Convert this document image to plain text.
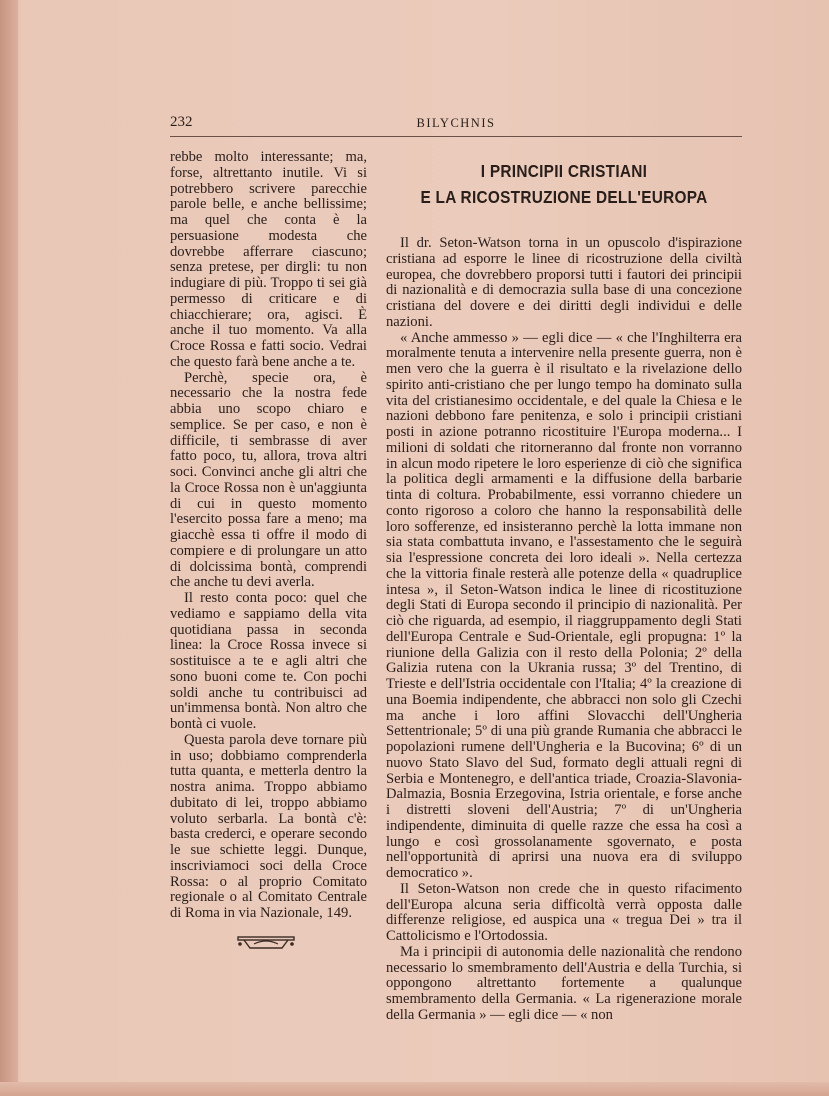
232	BILYCHNIS

rebbe molto interessante; ma, forse, altrettanto inutile. Vi si potrebbero scrivere parecchie parole belle, e anche bellissime; ma quel che conta è la persuasione modesta che dovrebbe afferrare ciascuno; senza pretese, per dirgli: tu non indugiare di più. Troppo ti sei già permesso di criticare e di chiacchierare; ora, agisci. È anche il tuo momento. Va alla Croce Rossa e fatti socio. Vedrai che questo farà bene anche a te.

Perchè, specie ora, è necessario che la nostra fede abbia uno scopo chiaro e semplice. Se per caso, e non è difficile, ti sembrasse di aver fatto poco, tu, allora, trova altri soci. Convinci anche gli altri che la Croce Rossa non è un'aggiunta di cui in questo momento l'esercito possa fare a meno; ma giacchè essa ti offre il modo di compiere e di prolungare un atto di dolcissima bontà, comprendi che anche tu devi averla.

Il resto conta poco: quel che vediamo e sappiamo della vita quotidiana passa in seconda linea: la Croce Rossa invece si sostituisce a te e agli altri che sono buoni come te. Con pochi soldi anche tu contribuisci ad un'immensa bontà. Non altro che bontà ci vuole.

Questa parola deve tornare più in uso; dobbiamo comprenderla tutta quanta, e metterla dentro la nostra anima. Troppo abbiamo dubitato di lei, troppo abbiamo voluto serbarla. La bontà c'è: basta crederci, e operare secondo le sue schiette leggi. Dunque, inscriviamoci soci della Croce Rossa: o al proprio Comitato regionale o al Comitato Centrale di Roma in via Nazionale, 149.

I PRINCIPII CRISTIANI
E LA RICOSTRUZIONE DELL'EUROPA

Il dr. Seton-Watson torna in un opuscolo d'ispirazione cristiana ad esporre le linee di ricostruzione della civiltà europea, che dovrebbero proporsi tutti i fautori dei principii di nazionalità e di democrazia sulla base di una concezione cristiana del dovere e dei diritti degli individui e delle nazioni.

« Anche ammesso » — egli dice — « che l'Inghilterra era moralmente tenuta a intervenire nella presente guerra, non è men vero che la guerra è il risultato e la rivelazione dello spirito anti-cristiano che per lungo tempo ha dominato sulla vita del cristianesimo occidentale, e del quale la Chiesa e le nazioni debbono fare penitenza, e solo i principii cristiani posti in azione potranno ricostituire l'Europa moderna... I milioni di soldati che ritorneranno dal fronte non vorranno in alcun modo ripetere le loro esperienze di ciò che significa la politica degli armamenti e la diffusione della barbarie tinta di coltura. Probabilmente, essi vorranno chiedere un conto rigoroso a coloro che hanno la responsabilità delle loro sofferenze, ed insisteranno perchè la lotta immane non sia stata combattuta invano, e l'assestamento che le seguirà sia l'espressione concreta dei loro ideali ». Nella certezza che la vittoria finale resterà alle potenze della « quadruplice intesa », il Seton-Watson indica le linee di ricostituzione degli Stati di Europa secondo il principio di nazionalità. Per ciò che riguarda, ad esempio, il riaggruppamento degli Stati dell'Europa Centrale e Sud-Orientale, egli propugna: 1º la riunione della Galizia con il resto della Polonia; 2º della Galizia rutena con la Ukrania russa; 3º del Trentino, di Trieste e dell'Istria occidentale con l'Italia; 4º la creazione di una Boemia indipendente, che abbracci non solo gli Czechi ma anche i loro affini Slovacchi dell'Ungheria Settentrionale; 5º di una più grande Rumania che abbracci le popolazioni rumene dell'Ungheria e la Bucovina; 6º di un nuovo Stato Slavo del Sud, formato degli attuali regni di Serbia e Montenegro, e dell'antica triade, Croazia-Slavonia-Dalmazia, Bosnia Erzegovina, Istria orientale, e forse anche i distretti sloveni dell'Austria; 7º di un'Ungheria indipendente, diminuita di quelle razze che essa ha così a lungo e così grossolanamente sgovernato, e posta nell'opportunità di aprirsi una nuova era di sviluppo democratico ».

Il Seton-Watson non crede che in questo rifacimento dell'Europa alcuna seria difficoltà verrà opposta dalle differenze religiose, ed auspica una « tregua Dei » tra il Cattolicismo e l'Ortodossia.

Ma i principii di autonomia delle nazionalità che rendono necessario lo smembramento dell'Austria e della Turchia, si oppongono altrettanto fortemente a qualunque smembramento della Germania. « La rigenerazione morale della Germania » — egli dice — « non
